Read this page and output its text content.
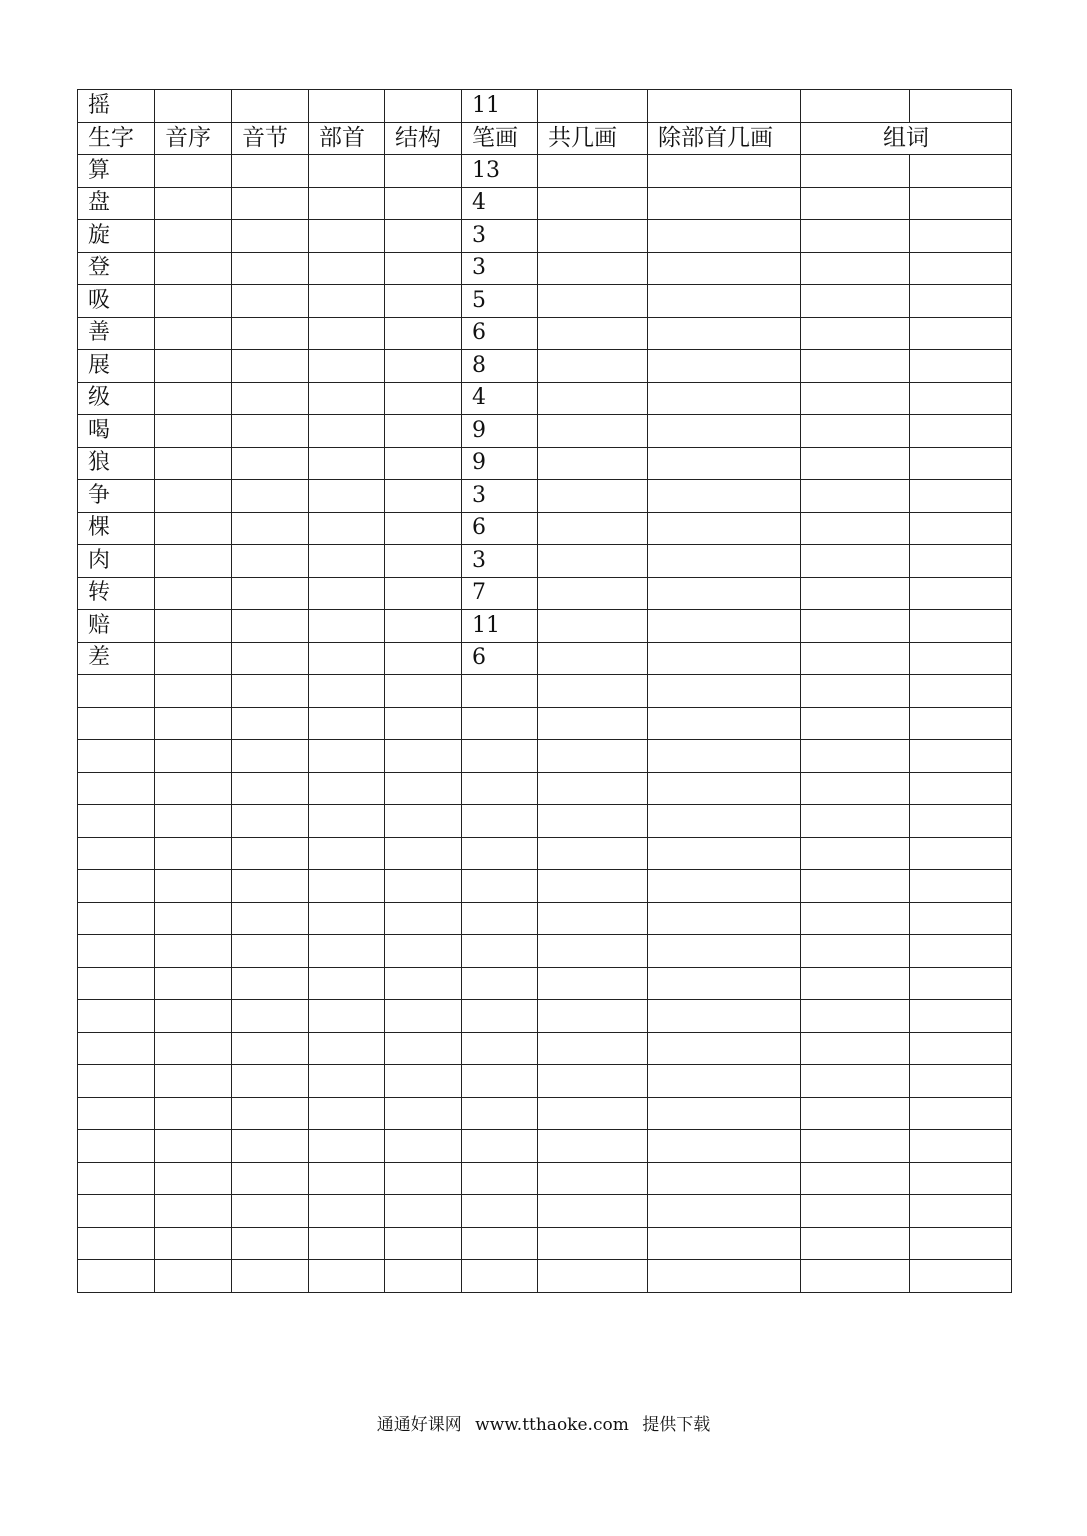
摇					11				
生字	音序	音节	部首	结构	笔画	共几画	除部首几画	组词	
算					13				
盘					4				
旋					3				
登					3				
吸					5				
善					6				
展					8				
级					4				
喝					9				
狼					9				
争					3				
棵					6				
肉					3				
转					7				
赔					11				
差					6				

通通好课网 www.tthaoke.com 提供下载
